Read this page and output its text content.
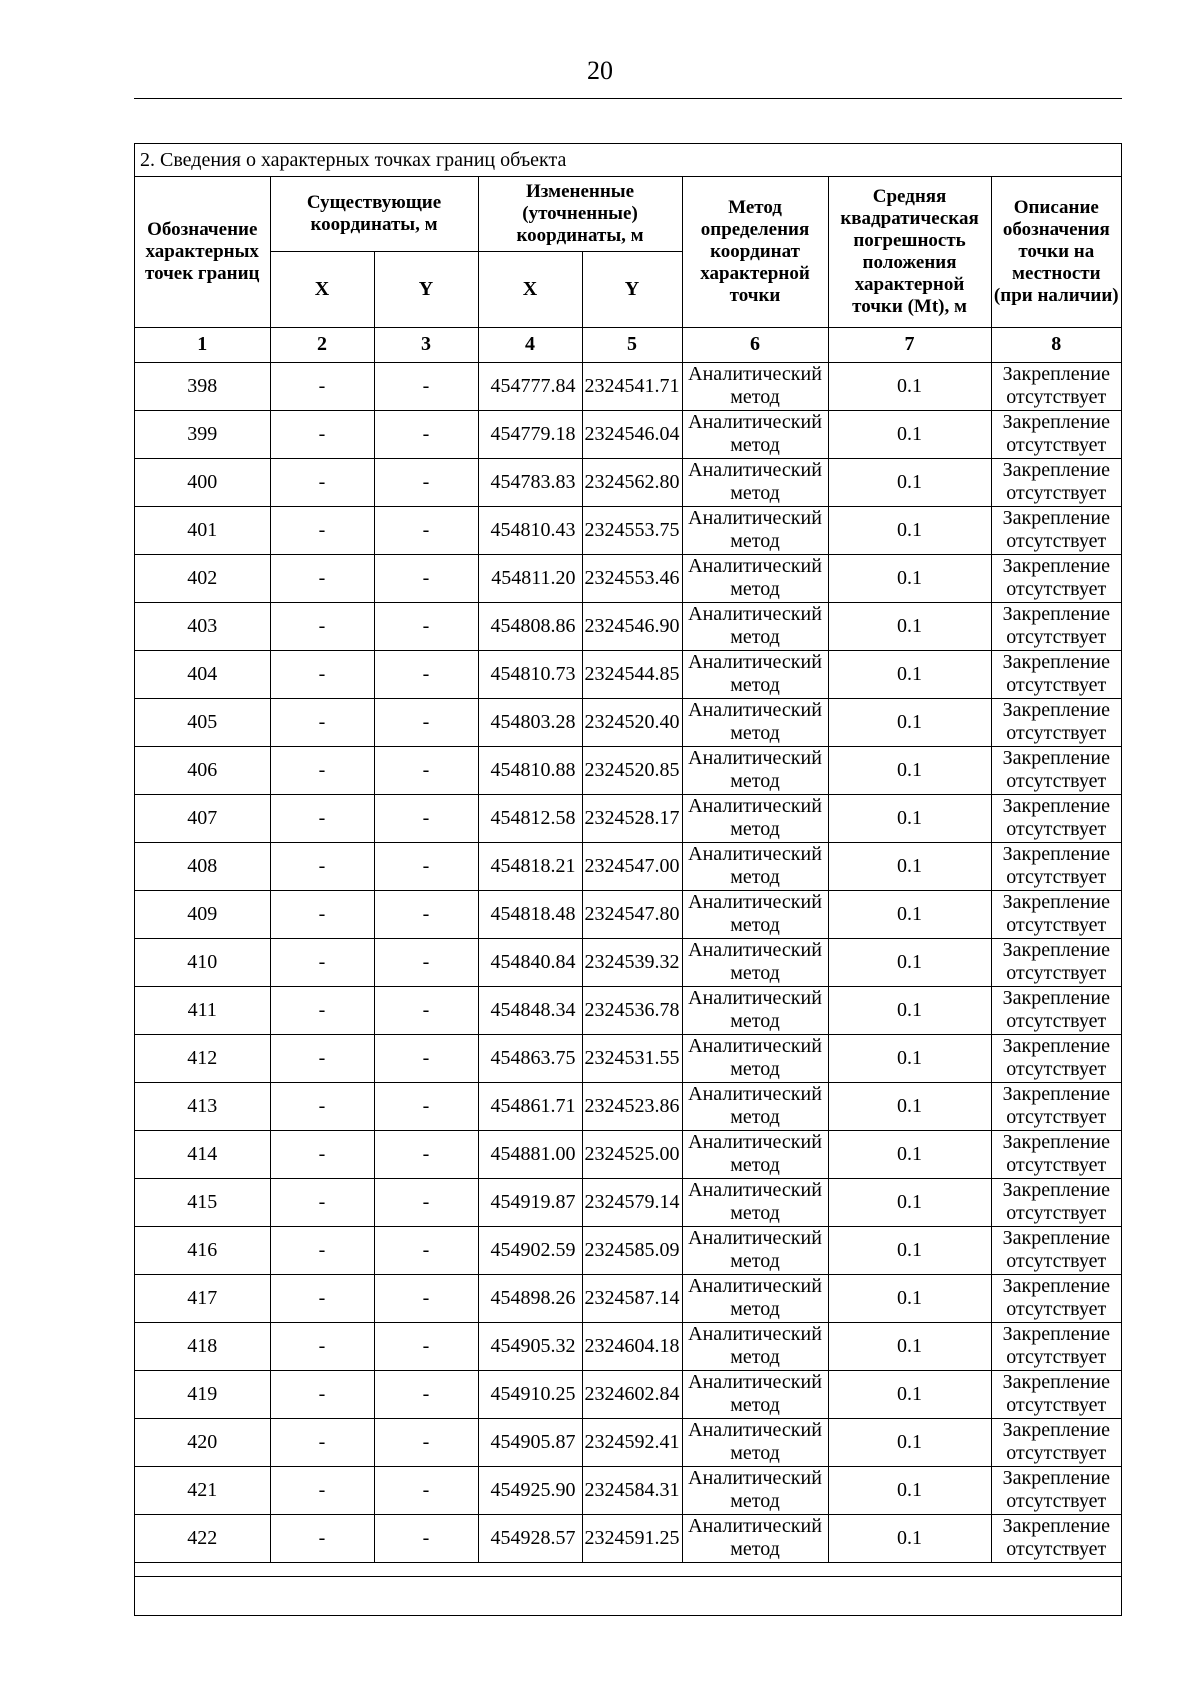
20
2. Сведения о характерных точках границ объекта
Обозначение характерных точек границ	Существующие координаты, м		Измененные (уточненные) координаты, м		Метод определения координат характерной точки	Средняя квадратическая погрешность положения характерной точки (Mt), м	Описание обозначения точки на местности (при наличии)
	X	Y	X	Y			
1	2	3	4	5	6	7	8
398	-	-	454777.84	2324541.71	Аналитический метод	0.1	Закрепление отсутствует
399	-	-	454779.18	2324546.04	Аналитический метод	0.1	Закрепление отсутствует
400	-	-	454783.83	2324562.80	Аналитический метод	0.1	Закрепление отсутствует
401	-	-	454810.43	2324553.75	Аналитический метод	0.1	Закрепление отсутствует
402	-	-	454811.20	2324553.46	Аналитический метод	0.1	Закрепление отсутствует
403	-	-	454808.86	2324546.90	Аналитический метод	0.1	Закрепление отсутствует
404	-	-	454810.73	2324544.85	Аналитический метод	0.1	Закрепление отсутствует
405	-	-	454803.28	2324520.40	Аналитический метод	0.1	Закрепление отсутствует
406	-	-	454810.88	2324520.85	Аналитический метод	0.1	Закрепление отсутствует
407	-	-	454812.58	2324528.17	Аналитический метод	0.1	Закрепление отсутствует
408	-	-	454818.21	2324547.00	Аналитический метод	0.1	Закрепление отсутствует
409	-	-	454818.48	2324547.80	Аналитический метод	0.1	Закрепление отсутствует
410	-	-	454840.84	2324539.32	Аналитический метод	0.1	Закрепление отсутствует
411	-	-	454848.34	2324536.78	Аналитический метод	0.1	Закрепление отсутствует
412	-	-	454863.75	2324531.55	Аналитический метод	0.1	Закрепление отсутствует
413	-	-	454861.71	2324523.86	Аналитический метод	0.1	Закрепление отсутствует
414	-	-	454881.00	2324525.00	Аналитический метод	0.1	Закрепление отсутствует
415	-	-	454919.87	2324579.14	Аналитический метод	0.1	Закрепление отсутствует
416	-	-	454902.59	2324585.09	Аналитический метод	0.1	Закрепление отсутствует
417	-	-	454898.26	2324587.14	Аналитический метод	0.1	Закрепление отсутствует
418	-	-	454905.32	2324604.18	Аналитический метод	0.1	Закрепление отсутствует
419	-	-	454910.25	2324602.84	Аналитический метод	0.1	Закрепление отсутствует
420	-	-	454905.87	2324592.41	Аналитический метод	0.1	Закрепление отсутствует
421	-	-	454925.90	2324584.31	Аналитический метод	0.1	Закрепление отсутствует
422	-	-	454928.57	2324591.25	Аналитический метод	0.1	Закрепление отсутствует
